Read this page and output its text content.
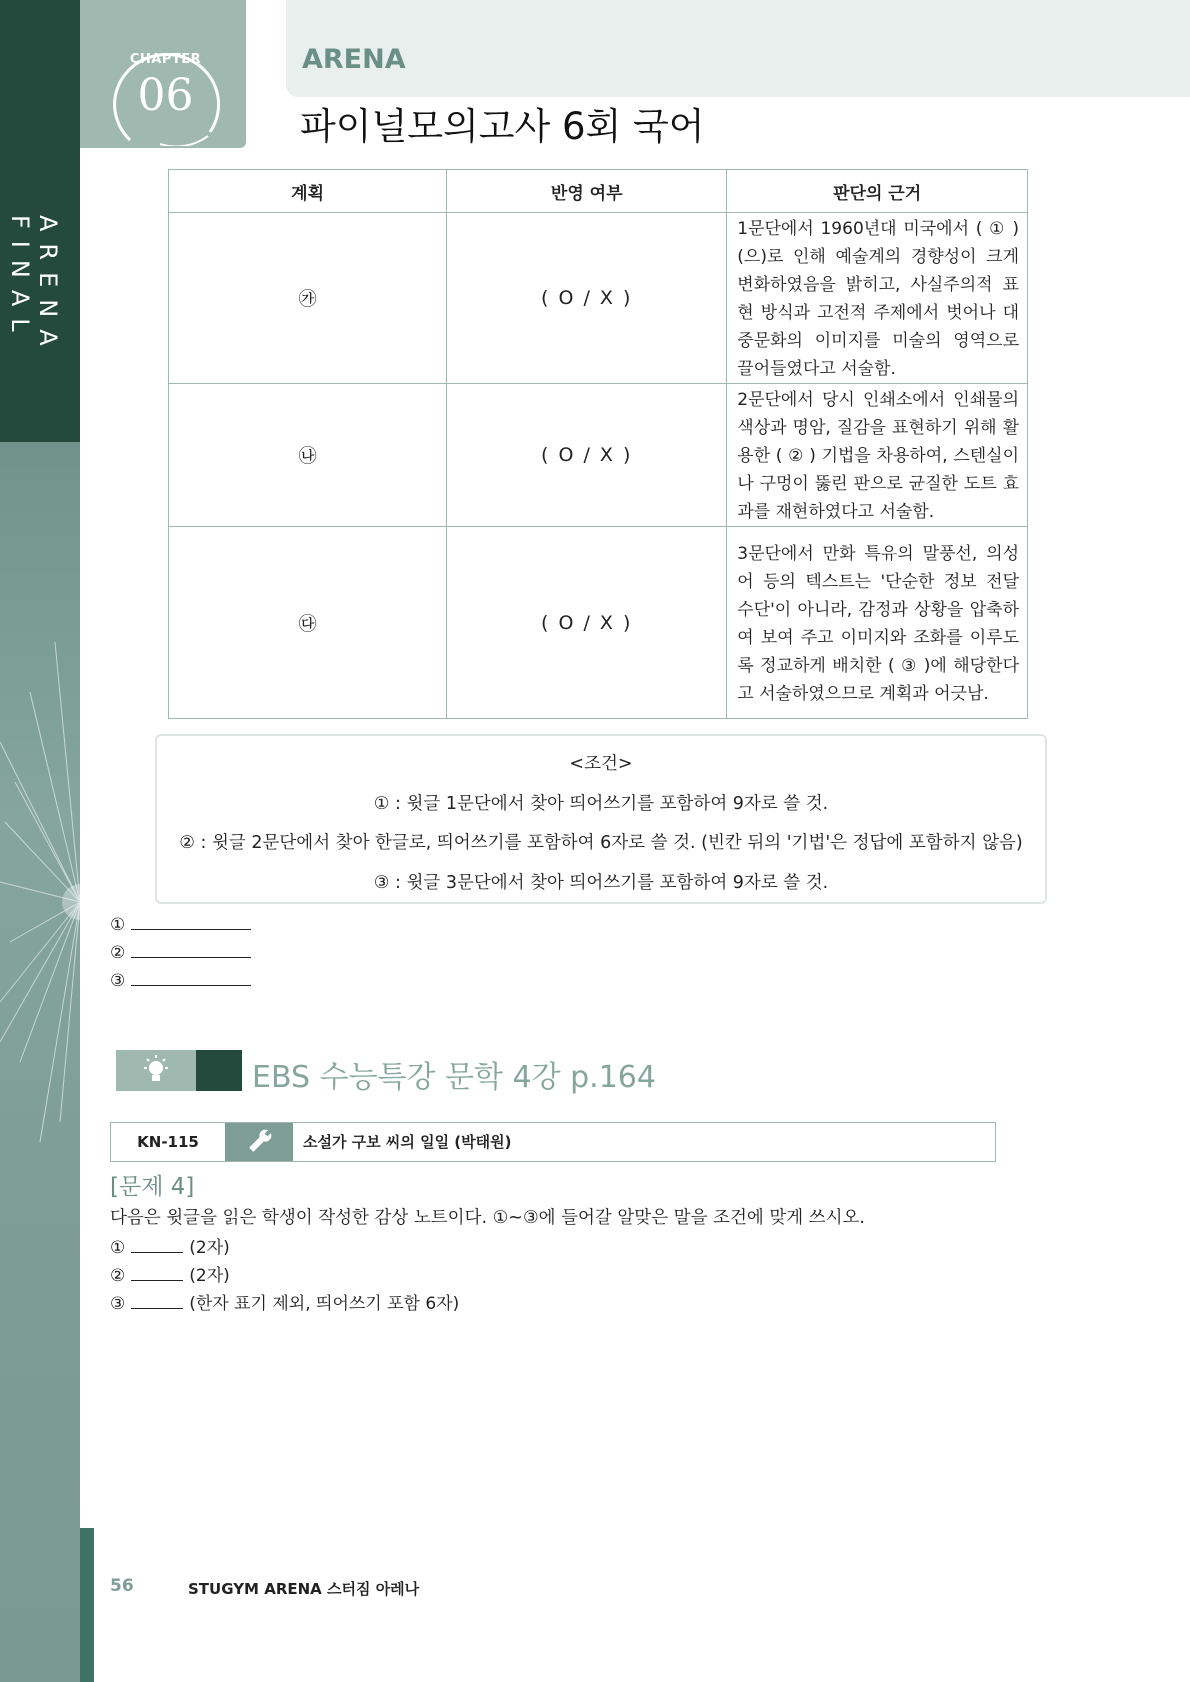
ARENA FINAL
CHAPTER
06
ARENA
파이널모의고사 6회 국어
계획	반영 여부	판단의 근거
㉮	( O / X )	1문단에서 1960년대 미국에서 ( ① )(으)로 인해 예술계의 경향성이 크게 변화하였음을 밝히고, 사실주의적 표현 방식과 고전적 주제에서 벗어나 대중문화의 이미지를 미술의 영역으로 끌어들였다고 서술함.
㉯	( O / X )	2문단에서 당시 인쇄소에서 인쇄물의 색상과 명암, 질감을 표현하기 위해 활용한 ( ② ) 기법을 차용하여, 스텐실이나 구멍이 뚫린 판으로 균질한 도트 효과를 재현하였다고 서술함.
㉰	( O / X )	3문단에서 만화 특유의 말풍선, 의성어 등의 텍스트는 '단순한 정보 전달 수단'이 아니라, 감정과 상황을 압축하여 보여 주고 이미지와 조화를 이루도록 정교하게 배치한 ( ③ )에 해당한다고 서술하였으므로 계획과 어긋남.
<조건>
① : 윗글 1문단에서 찾아 띄어쓰기를 포함하여 9자로 쓸 것.
② : 윗글 2문단에서 찾아 한글로, 띄어쓰기를 포함하여 6자로 쓸 것. (빈칸 뒤의 '기법'은 정답에 포함하지 않음)
③ : 윗글 3문단에서 찾아 띄어쓰기를 포함하여 9자로 쓸 것.
①
②
③
EBS 수능특강 문학 4강 p.164
KN-115	소설가 구보 씨의 일일 (박태원)
[문제 4]
다음은 윗글을 읽은 학생이 작성한 감상 노트이다. ①~③에 들어갈 알맞은 말을 조건에 맞게 쓰시오.
①	(2자)
②	(2자)
③	(한자 표기 제외, 띄어쓰기 포함 6자)
56	STUGYM ARENA 스터짐 아레나
